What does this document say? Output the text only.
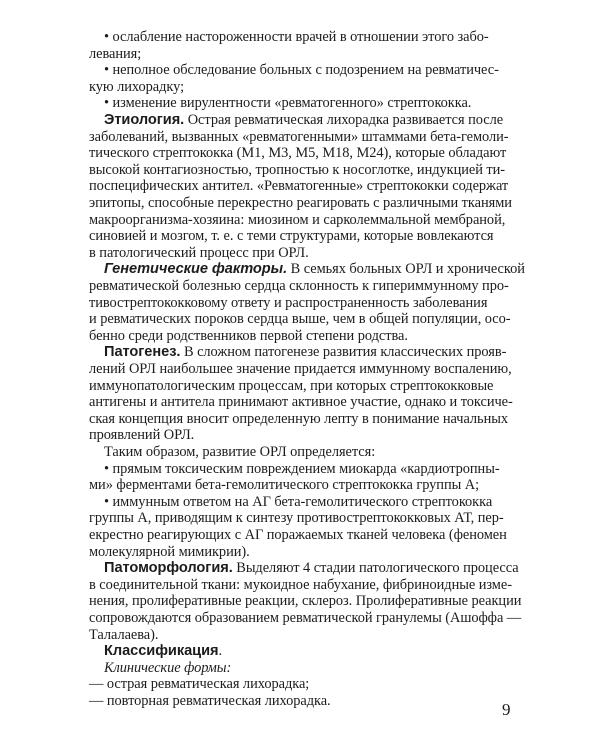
• ослабление настороженности врачей в отношении этого забо-
левания;
• неполное обследование больных с подозрением на ревматичес-
кую лихорадку;
• изменение вирулентности «ревматогенного» стрептококка.
Этиология. Острая ревматическая лихорадка развивается после
заболеваний, вызванных «ревматогенными» штаммами бета-гемоли-
тического стрептококка (М1, М3, М5, М18, М24), которые обладают
высокой контагиозностью, тропностью к носоглотке, индукцией ти-
поспецифических антител. «Ревматогенные» стрептококки содержат
эпитопы, способные перекрестно реагировать с различными тканями
макроорганизма-хозяина: миозином и сарколеммальной мембраной,
синовией и мозгом, т. е. с теми структурами, которые вовлекаются
в патологический процесс при ОРЛ.
Генетические факторы. В семьях больных ОРЛ и хронической
ревматической болезнью сердца склонность к гипериммунному про-
тивострептококковому ответу и распространенность заболевания
и ревматических пороков сердца выше, чем в общей популяции, осо-
бенно среди родственников первой степени родства.
Патогенез. В сложном патогенезе развития классических прояв-
лений ОРЛ наибольшее значение придается иммунному воспалению,
иммунопатологическим процессам, при которых стрептококковые
антигены и антитела принимают активное участие, однако и токсиче-
ская концепция вносит определенную лепту в понимание начальных
проявлений ОРЛ.
Таким образом, развитие ОРЛ определяется:
• прямым токсическим повреждением миокарда «кардиотропны-
ми» ферментами бета-гемолитического стрептококка группы А;
• иммунным ответом на АГ бета-гемолитического стрептококка
группы А, приводящим к синтезу противострептококковых АТ, пер-
екрестно реагирующих с АГ поражаемых тканей человека (феномен
молекулярной мимикрии).
Патоморфология. Выделяют 4 стадии патологического процесса
в соединительной ткани: мукоидное набухание, фибриноидные изме-
нения, пролиферативные реакции, склероз. Пролиферативные реакции
сопровождаются образованием ревматической гранулемы (Ашоффа —
Талалаева).
Классификация.
Клинические формы:
— острая ревматическая лихорадка;
— повторная ревматическая лихорадка.	9
